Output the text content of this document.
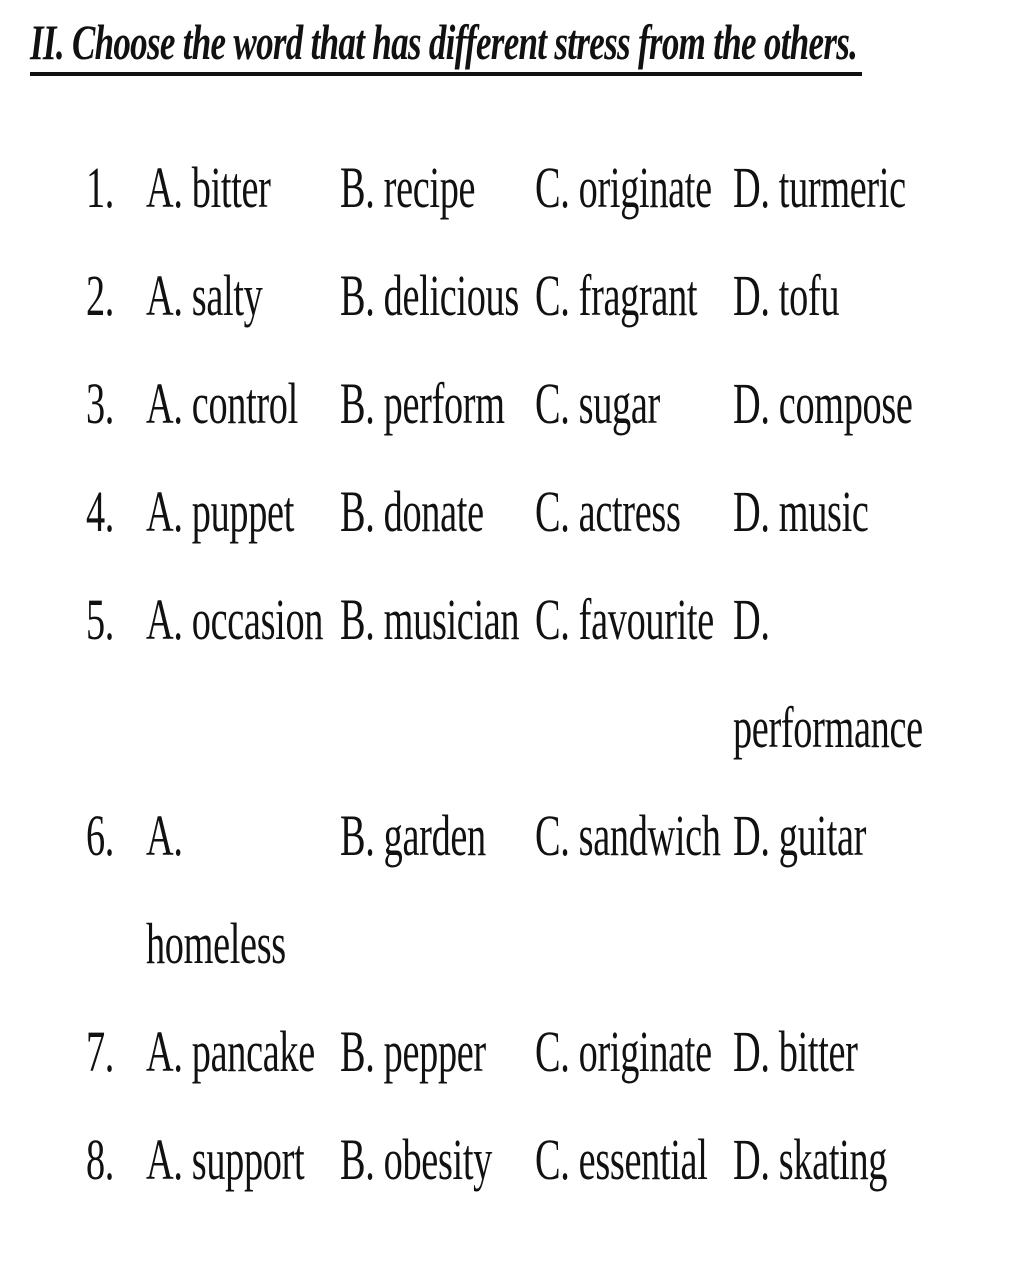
II. Choose the word that has different stress from the others.
1. A. bitter B. recipe C. originate D. turmeric
2. A. salty B. delicious C. fragrant D. tofu
3. A. control B. perform C. sugar D. compose
4. A. puppet B. donate C. actress D. music
5. A. occasion B. musician C. favourite D.
performance
6. A.
homeless
B. garden C. sandwich D. guitar
7. A. pancake B. pepper C. originate D. bitter
8. A. support B. obesity C. essential D. skating
